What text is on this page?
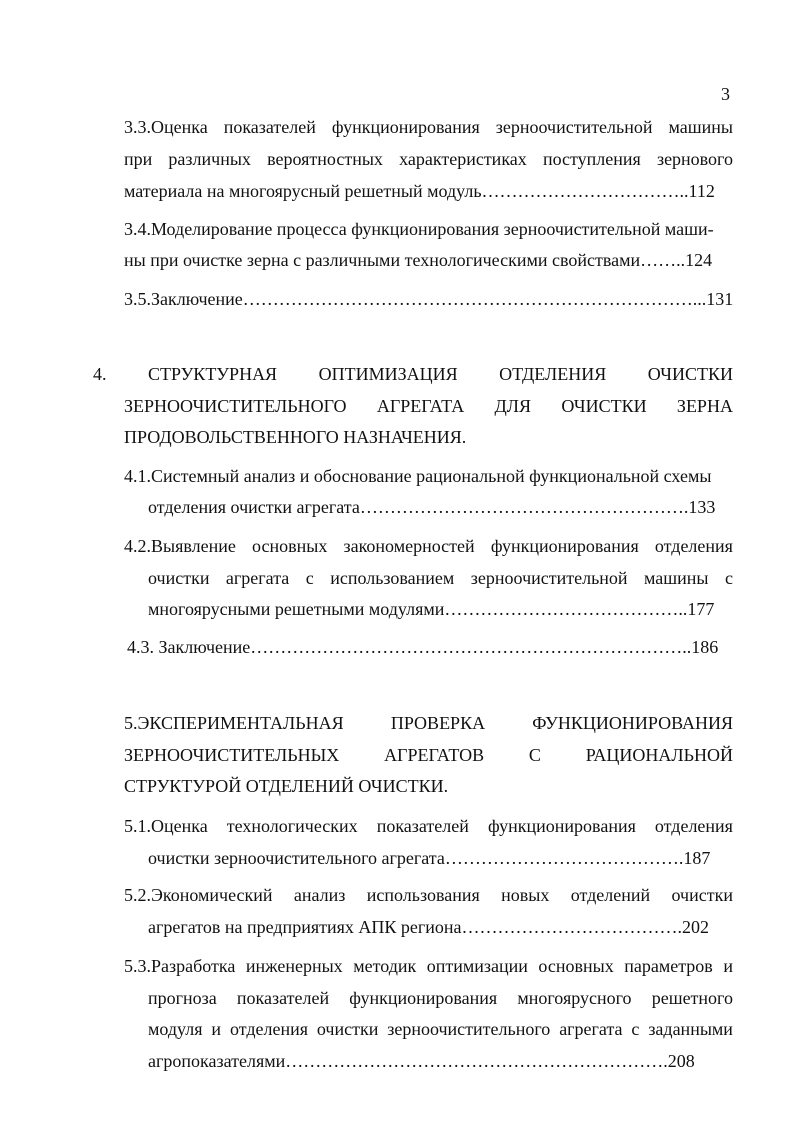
3
3.3.Оценка показателей функционирования зерноочистительной машины
при различных вероятностных характеристиках поступления зернового
материала на многоярусный решетный модуль……………………………..112
3.4.Моделирование процесса функционирования зерноочистительной маши-
ны при очистке зерна с различными технологическими свойствами……..124
3.5.Заключение…………………………………………………………………...131
4. СТРУКТУРНАЯ ОПТИМИЗАЦИЯ ОТДЕЛЕНИЯ ОЧИСТКИ
ЗЕРНООЧИСТИТЕЛЬНОГО АГРЕГАТА ДЛЯ ОЧИСТКИ ЗЕРНА
ПРОДОВОЛЬСТВЕННОГО НАЗНАЧЕНИЯ.
4.1.Системный анализ и обоснование рациональной функциональной схемы
отделения очистки агрегата……………………………………………….133
4.2.Выявление основных закономерностей функционирования отделения
очистки агрегата с использованием зерноочистительной машины с
многоярусными решетными модулями…………………………………..177
4.3. Заключение………………………………………………………………..186
5.ЭКСПЕРИМЕНТАЛЬНАЯ	ПРОВЕРКА	ФУНКЦИОНИРОВАНИЯ
ЗЕРНООЧИСТИТЕЛЬНЫХ АГРЕГАТОВ С РАЦИОНАЛЬНОЙ
СТРУКТУРОЙ ОТДЕЛЕНИЙ ОЧИСТКИ.
5.1.Оценка технологических показателей функционирования отделения
очистки зерноочистительного агрегата………………………………….187
5.2.Экономический анализ использования новых отделений очистки
агрегатов на предприятиях АПК региона……………………………….202
5.3.Разработка инженерных методик оптимизации основных параметров и
прогноза показателей функционирования многоярусного решетного
модуля и отделения очистки зерноочистительного агрегата с заданными
агропоказателями……………………………………………………….208
